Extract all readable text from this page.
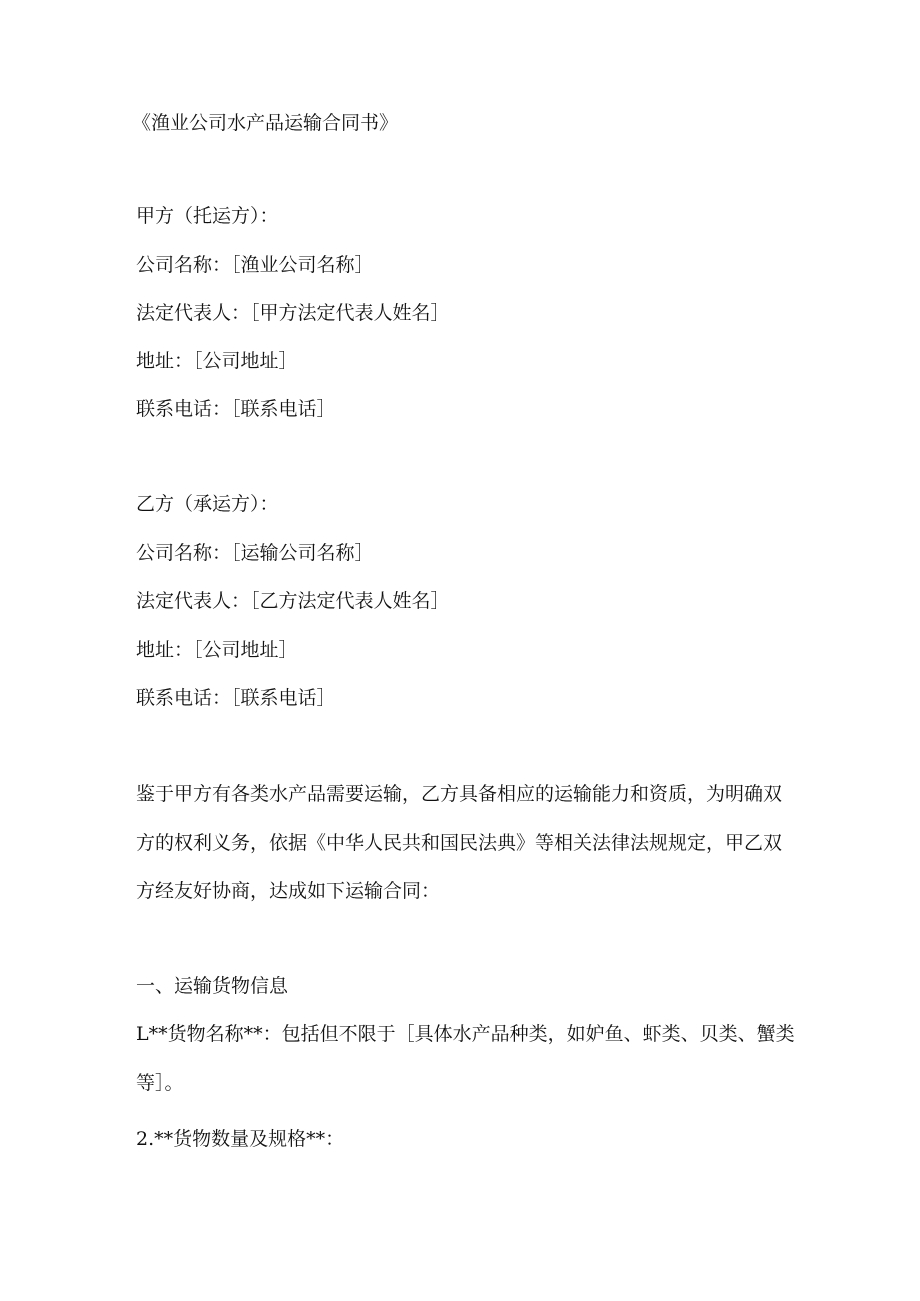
《渔业公司水产品运输合同书》
甲方（托运方）：
公司名称：［渔业公司名称］
法定代表人：［甲方法定代表人姓名］
地址：［公司地址］
联系电话：［联系电话］
乙方（承运方）：
公司名称：［运输公司名称］
法定代表人：［乙方法定代表人姓名］
地址：［公司地址］
联系电话：［联系电话］
鉴于甲方有各类水产品需要运输，乙方具备相应的运输能力和资质，为明确双
方的权利义务，依据《中华人民共和国民法典》等相关法律法规规定，甲乙双
方经友好协商，达成如下运输合同：
一、运输货物信息
L**货物名称**：包括但不限于［具体水产品种类，如妒鱼、虾类、贝类、蟹类
等］。
2.**货物数量及规格**：
